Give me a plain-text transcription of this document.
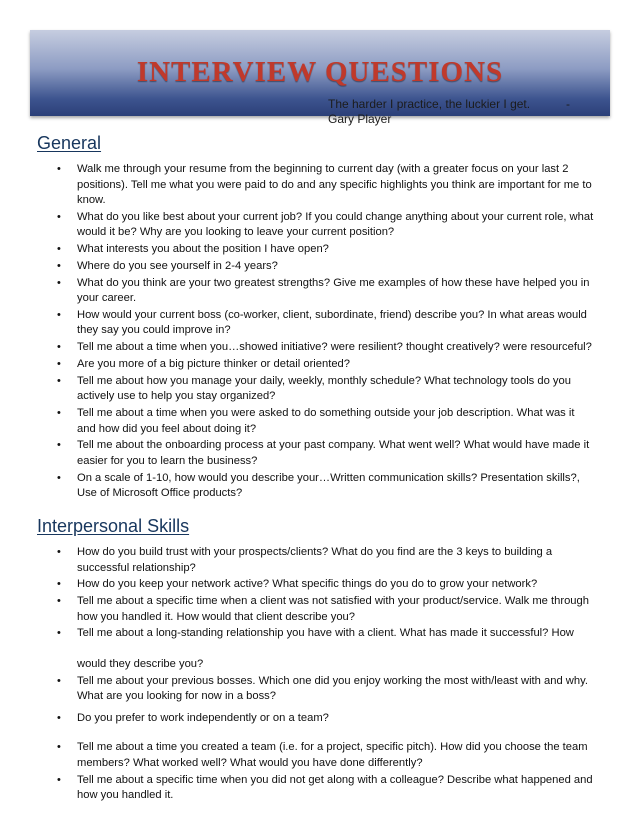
INTERVIEW QUESTIONS
The harder I practice, the luckier I get.	-
Gary Player
General
• Walk me through your resume from the beginning to current day (with a greater focus on your last 2 positions). Tell me what you were paid to do and any specific highlights you think are important for me to know.
• What do you like best about your current job? If you could change anything about your current role, what would it be? Why are you looking to leave your current position?
• What interests you about the position I have open?
• Where do you see yourself in 2-4 years?
• What do you think are your two greatest strengths? Give me examples of how these have helped you in your career.
• How would your current boss (co-worker, client, subordinate, friend) describe you? In what areas would they say you could improve in?
• Tell me about a time when you…showed initiative? were resilient? thought creatively? were resourceful?
• Are you more of a big picture thinker or detail oriented?
• Tell me about how you manage your daily, weekly, monthly schedule? What technology tools do you actively use to help you stay organized?
• Tell me about a time when you were asked to do something outside your job description. What was it and how did you feel about doing it?
• Tell me about the onboarding process at your past company. What went well? What would have made it easier for you to learn the business?
• On a scale of 1-10, how would you describe your…Written communication skills? Presentation skills?, Use of Microsoft Office products?
Interpersonal Skills
• How do you build trust with your prospects/clients? What do you find are the 3 keys to building a successful relationship?
• How do you keep your network active? What specific things do you do to grow your network?
• Tell me about a specific time when a client was not satisfied with your product/service. Walk me through how you handled it. How would that client describe you?
• Tell me about a long-standing relationship you have with a client. What has made it successful? How
would they describe you?
• Tell me about your previous bosses. Which one did you enjoy working the most with/least with and why. What are you looking for now in a boss?
• Do you prefer to work independently or on a team?
• Tell me about a time you created a team (i.e. for a project, specific pitch). How did you choose the team members? What worked well? What would you have done differently?
• Tell me about a specific time when you did not get along with a colleague? Describe what happened and how you handled it.
